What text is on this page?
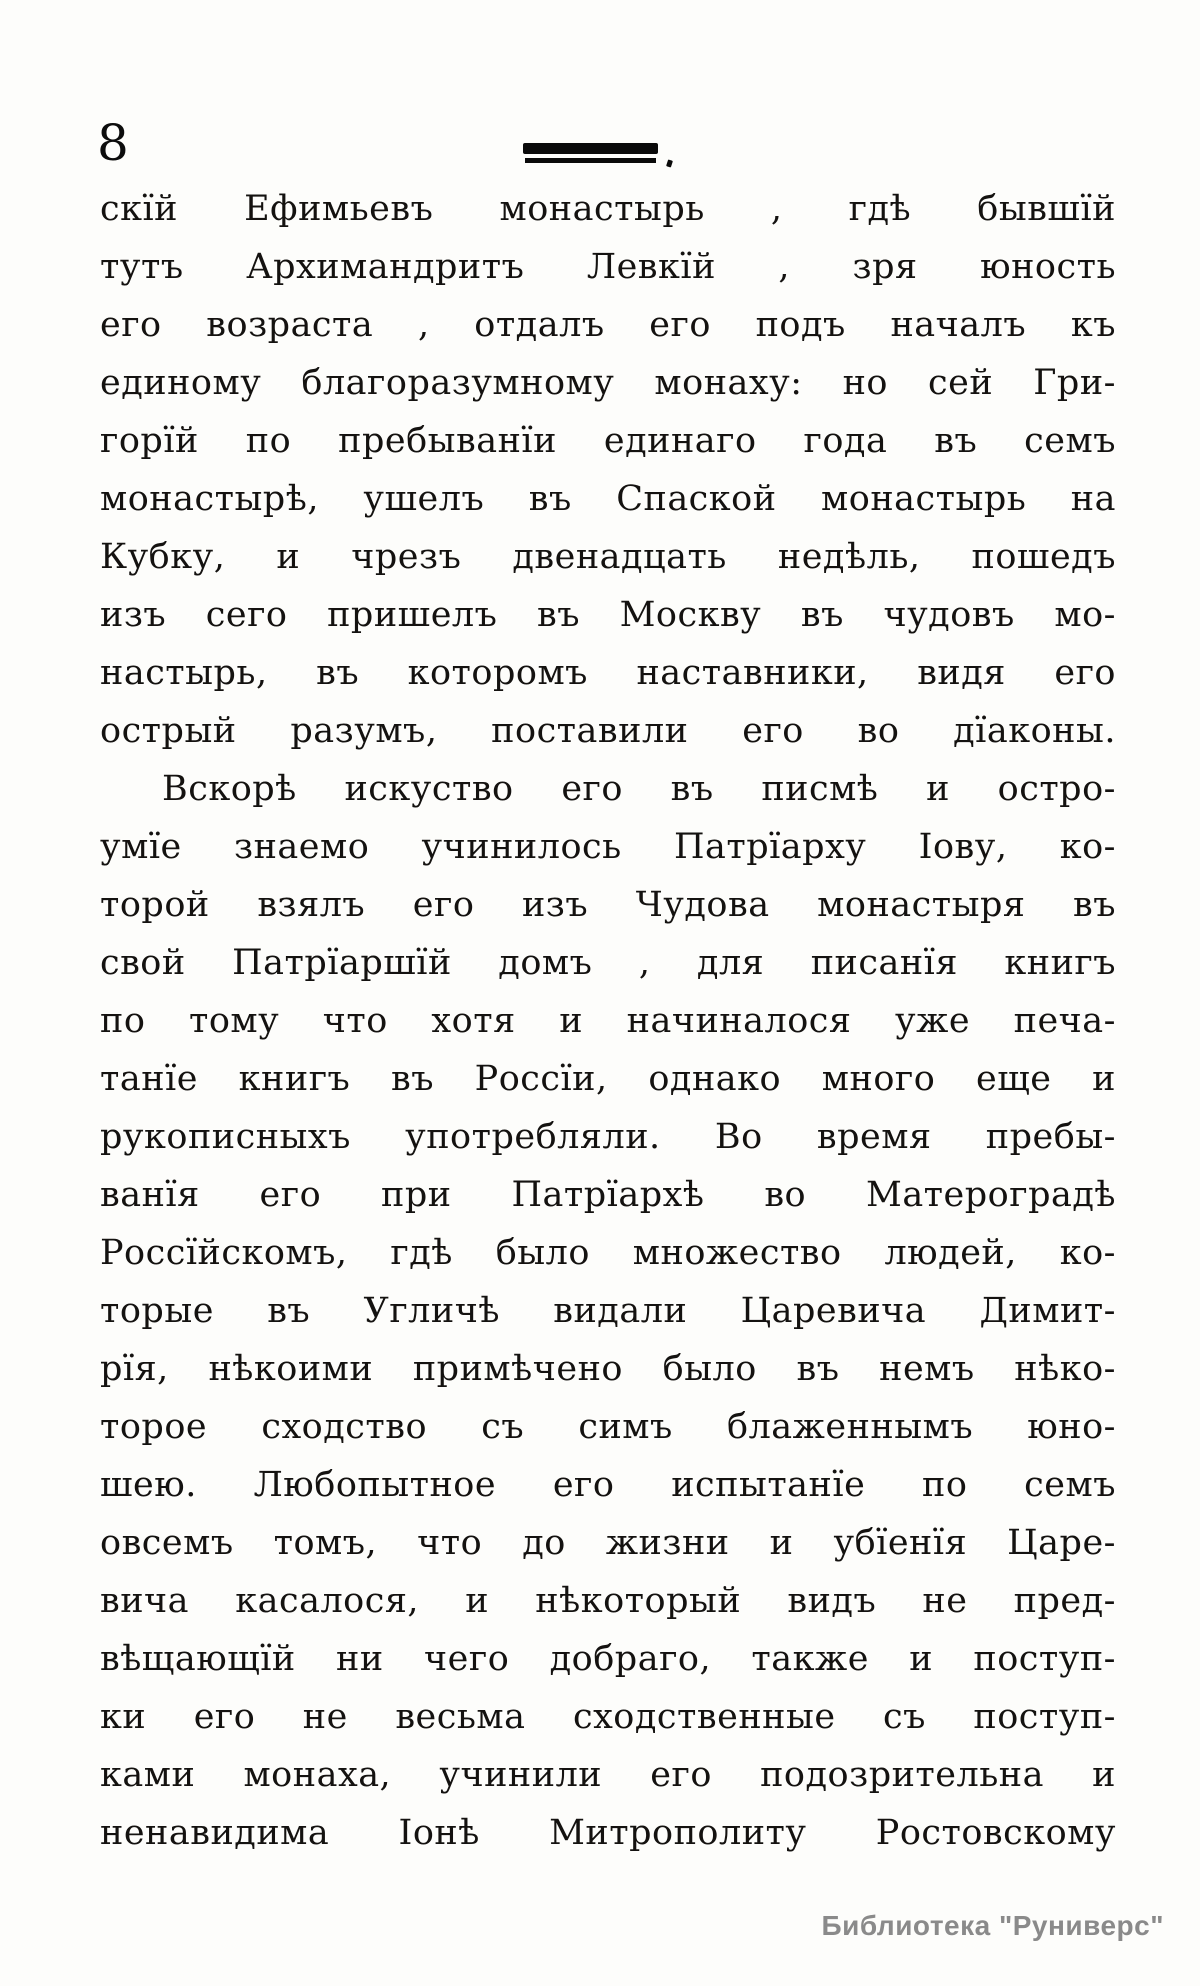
8
скїй Ефимьевъ монастырь , гдѣ бывшїй
тутъ Архимандритъ Левкїй , зря юность
его возраста , отдалъ его подъ началъ къ
единому благоразумному монаху: но сей Гри-
горїй по пребыванїи единаго года въ семъ
монастырѣ, ушелъ въ Спаской монастырь на
Кубку, и чрезъ двенадцать недѣль, пошедъ
изъ сего пришелъ въ Москву въ чудовъ мо-
настырь, въ которомъ наставники, видя его
острый разумъ, поставили его во дїаконы.
Вскорѣ искуство его въ писмѣ и остро-
умїе знаемо учинилось Патрїарху Іову, ко-
торой взялъ его изъ Чудова монастыря въ
свой Патрїаршїй домъ , для писанїя книгъ
по тому что хотя и начиналося уже печа-
танїе книгъ въ Россїи, однако много еще и
рукописныхъ употребляли. Во время пребы-
ванїя его при Патрїархѣ во Матероградѣ
Россїйскомъ, гдѣ было множество людей, ко-
торые въ Угличѣ видали Царевича Димит-
рїя, нѣкоими примѣчено было въ немъ нѣко-
торое сходство съ симъ блаженнымъ юно-
шею. Любопытное его испытанїе по семъ
овсемъ томъ, что до жизни и убїенїя Царе-
вича касалося, и нѣкоторый видъ не пред-
вѣщающїй ни чего добраго, также и поступ-
ки его не весьма сходственные съ поступ-
ками монаха, учинили его подозрительна и
ненавидима Іонѣ Митрополиту Ростовскому
Библиотека "Руниверс"
